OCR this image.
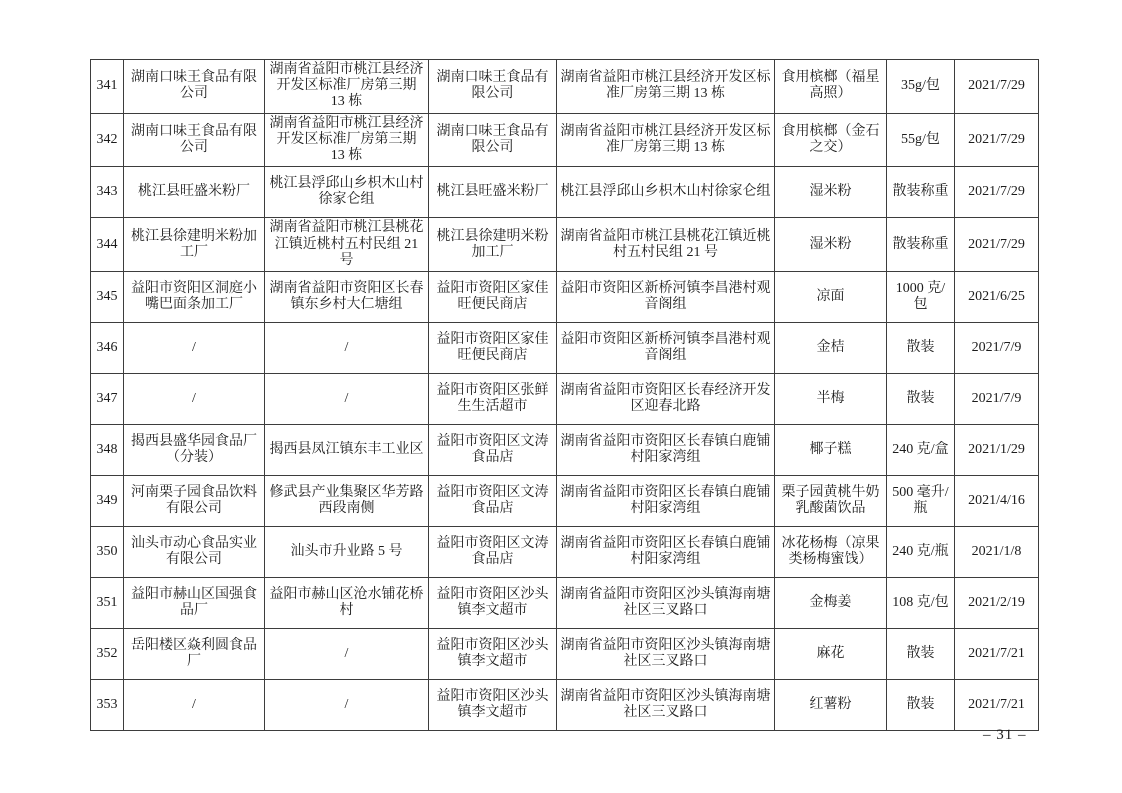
341	湖南口味王食品有限公司	湖南省益阳市桃江县经济开发区标准厂房第三期 13 栋	湖南口味王食品有限公司	湖南省益阳市桃江县经济开发区标准厂房第三期 13 栋	食用槟榔（福星高照）	35g/包	2021/7/29
342	湖南口味王食品有限公司	湖南省益阳市桃江县经济开发区标准厂房第三期 13 栋	湖南口味王食品有限公司	湖南省益阳市桃江县经济开发区标准厂房第三期 13 栋	食用槟榔（金石之交）	55g/包	2021/7/29
343	桃江县旺盛米粉厂	桃江县浮邱山乡枳木山村徐家仑组	桃江县旺盛米粉厂	桃江县浮邱山乡枳木山村徐家仑组	湿米粉	散装称重	2021/7/29
344	桃江县徐建明米粉加工厂	湖南省益阳市桃江县桃花江镇近桃村五村民组 21 号	桃江县徐建明米粉加工厂	湖南省益阳市桃江县桃花江镇近桃村五村民组 21 号	湿米粉	散装称重	2021/7/29
345	益阳市资阳区洞庭小嘴巴面条加工厂	湖南省益阳市资阳区长春镇东乡村大仁塘组	益阳市资阳区家佳旺便民商店	益阳市资阳区新桥河镇李昌港村观音阁组	凉面	1000 克/包	2021/6/25
346	/	/	益阳市资阳区家佳旺便民商店	益阳市资阳区新桥河镇李昌港村观音阁组	金桔	散装	2021/7/9
347	/	/	益阳市资阳区张鲜生生活超市	湖南省益阳市资阳区长春经济开发区迎春北路	半梅	散装	2021/7/9
348	揭西县盛华园食品厂（分装）	揭西县凤江镇东丰工业区	益阳市资阳区文涛食品店	湖南省益阳市资阳区长春镇白鹿铺村阳家湾组	椰子糕	240 克/盒	2021/1/29
349	河南栗子园食品饮料有限公司	修武县产业集聚区华芳路西段南侧	益阳市资阳区文涛食品店	湖南省益阳市资阳区长春镇白鹿铺村阳家湾组	栗子园黄桃牛奶乳酸菌饮品	500 毫升/瓶	2021/4/16
350	汕头市动心食品实业有限公司	汕头市升业路 5 号	益阳市资阳区文涛食品店	湖南省益阳市资阳区长春镇白鹿铺村阳家湾组	冰花杨梅（凉果类杨梅蜜饯）	240 克/瓶	2021/1/8
351	益阳市赫山区国强食品厂	益阳市赫山区沧水铺花桥村	益阳市资阳区沙头镇李文超市	湖南省益阳市资阳区沙头镇海南塘社区三叉路口	金梅姜	108 克/包	2021/2/19
352	岳阳楼区焱利圆食品厂	/	益阳市资阳区沙头镇李文超市	湖南省益阳市资阳区沙头镇海南塘社区三叉路口	麻花	散装	2021/7/21
353	/	/	益阳市资阳区沙头镇李文超市	湖南省益阳市资阳区沙头镇海南塘社区三叉路口	红薯粉	散装	2021/7/21
– 31 –
